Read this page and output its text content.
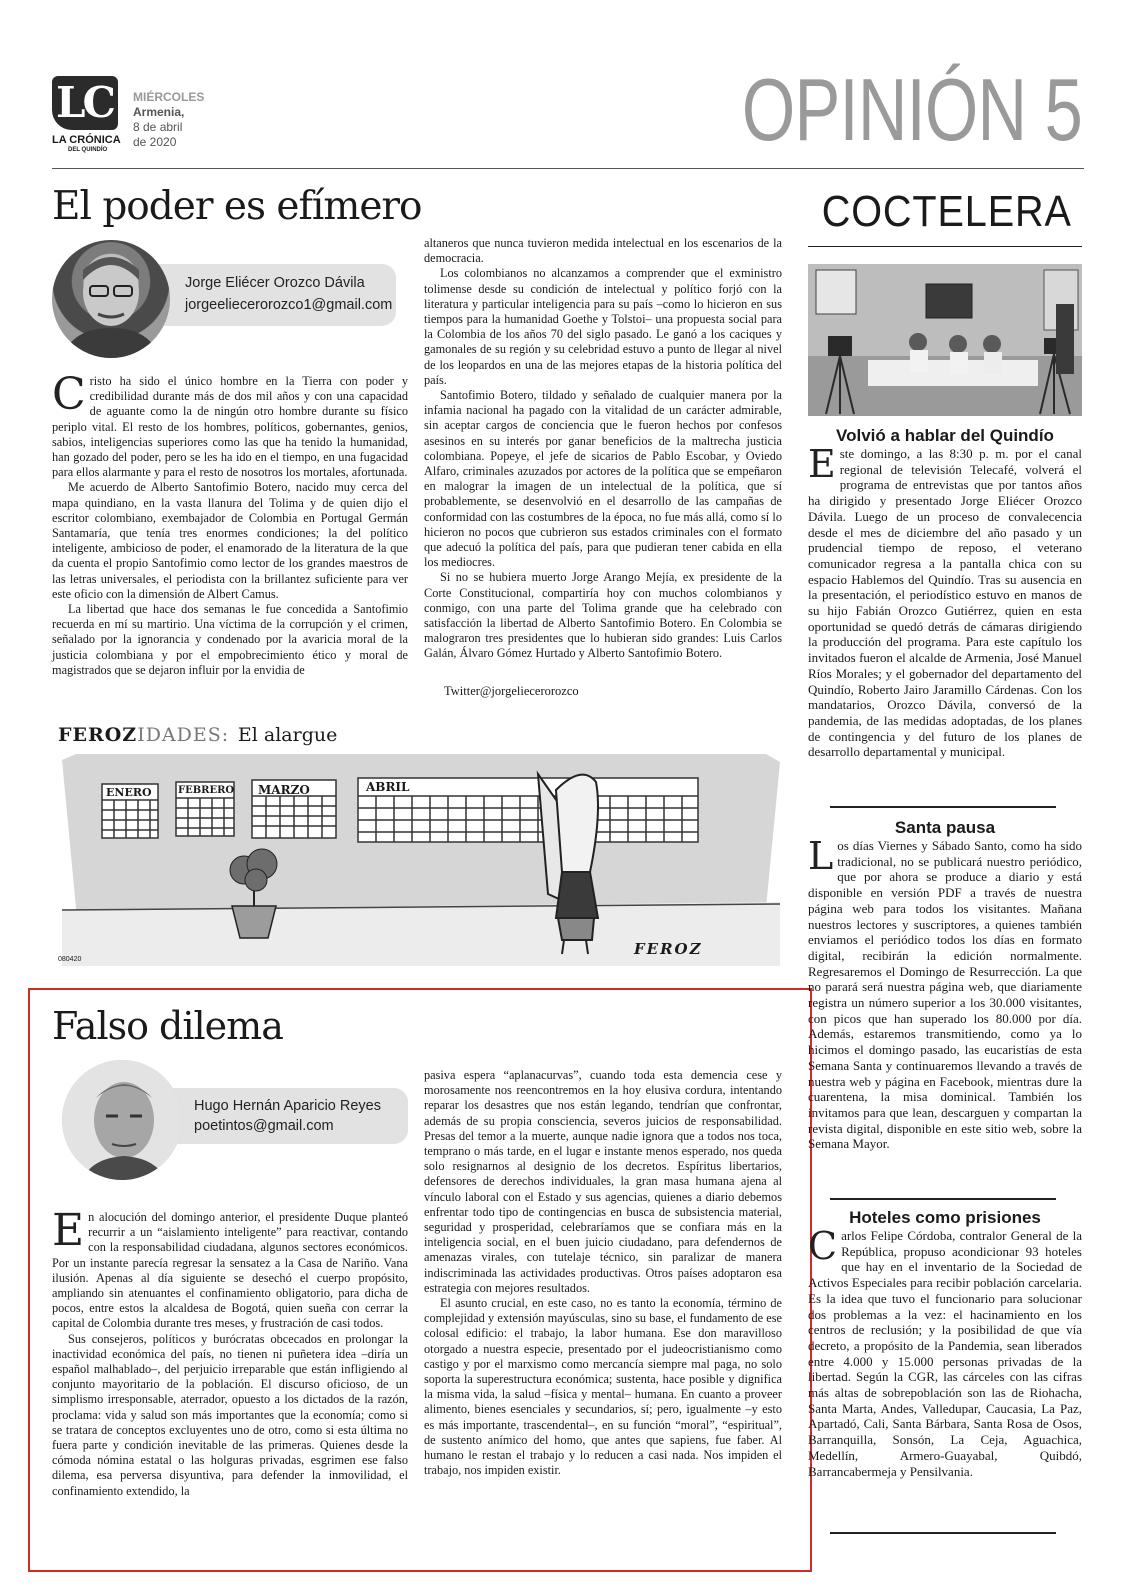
LC
LA CRÓNICA
DEL QUINDÍO
MIÉRCOLES
Armenia,
8 de abril
de 2020	OPINIÓN 5
El poder es efímero
Jorge Eliécer Orozco Dávila
jorgeeliecerorozco1@gmail.com

Cristo ha sido el único hombre en la Tierra con poder y credibilidad durante más de dos mil años y con una capacidad de aguante como la de ningún otro hombre durante su físico periplo vital. El resto de los hombres, políticos, gobernantes, genios, sabios, inteligencias superiores como las que ha tenido la humanidad, han gozado del poder, pero se les ha ido en el tiempo, en una fugacidad para ellos alarmante y para el resto de nosotros los mortales, afortunada.

Me acuerdo de Alberto Santofimio Botero, nacido muy cerca del mapa quindiano, en la vasta llanura del Tolima y de quien dijo el escritor colombiano, exembajador de Colombia en Portugal Germán Santamaría, que tenía tres enormes condiciones; la del político inteligente, ambicioso de poder, el enamorado de la literatura de la que da cuenta el propio Santofimio como lector de los grandes maestros de las letras universales, el periodista con la brillantez suficiente para ver este oficio con la dimensión de Albert Camus.

La libertad que hace dos semanas le fue concedida a Santofimio recuerda en mí su martirio. Una víctima de la corrupción y el crimen, señalado por la ignorancia y condenado por la avaricia moral de la justicia colombiana y por el empobrecimiento ético y moral de magistrados que se dejaron influir por la envidia de

altaneros que nunca tuvieron medida intelectual en los escenarios de la democracia.

Los colombianos no alcanzamos a comprender que el exministro tolimense desde su condición de intelectual y político forjó con la literatura y particular inteligencia para su país –como lo hicieron en sus tiempos para la humanidad Goethe y Tolstoi– una propuesta social para la Colombia de los años 70 del siglo pasado. Le ganó a los caciques y gamonales de su región y su celebridad estuvo a punto de llegar al nivel de los leopardos en una de las mejores etapas de la historia política del país.

Santofimio Botero, tildado y señalado de cualquier manera por la infamia nacional ha pagado con la vitalidad de un carácter admirable, sin aceptar cargos de conciencia que le fueron hechos por confesos asesinos en su interés por ganar beneficios de la maltrecha justicia colombiana. Popeye, el jefe de sicarios de Pablo Escobar, y Oviedo Alfaro, criminales azuzados por actores de la política que se empeñaron en malograr la imagen de un intelectual de la política, que sí probablemente, se desenvolvió en el desarrollo de las campañas de conformidad con las costumbres de la época, no fue más allá, como sí lo hicieron no pocos que cubrieron sus estados criminales con el formato que adecuó la política del país, para que pudieran tener cabida en ella los mediocres.

Si no se hubiera muerto Jorge Arango Mejía, ex presidente de la Corte Constitucional, compartiría hoy con muchos colombianos y conmigo, con una parte del Tolima grande que ha celebrado con satisfacción la libertad de Alberto Santofimio Botero. En Colombia se malograron tres presidentes que lo hubieran sido grandes: Luis Carlos Galán, Álvaro Gómez Hurtado y Alberto Santofimio Botero.

Twitter@jorgeliecerorozco
FEROZIDADES: El alargue
ENERO	FEBRERO MARZO	ABRIL
FEROZ
080420
Falso dilema
Hugo Hernán Aparicio Reyes
poetintos@gmail.com

En alocución del domingo anterior, el presidente Duque planteó recurrir a un “aislamiento inteligente” para reactivar, contando con la responsabilidad ciudadana, algunos sectores económicos. Por un instante parecía regresar la sensatez a la Casa de Nariño. Vana ilusión. Apenas al día siguiente se desechó el cuerpo propósito, ampliando sin atenuantes el confinamiento obligatorio, para dicha de pocos, entre estos la alcaldesa de Bogotá, quien sueña con cerrar la capital de Colombia durante tres meses, y frustración de casi todos.

Sus consejeros, políticos y burócratas obcecados en prolongar la inactividad económica del país, no tienen ni puñetera idea –diría un español malhablado–, del perjuicio irreparable que están infligiendo al conjunto mayoritario de la población. El discurso oficioso, de un simplismo irresponsable, aterrador, opuesto a los dictados de la razón, proclama: vida y salud son más importantes que la economía; como si se tratara de conceptos excluyentes uno de otro, como si esta última no fuera parte y condición inevitable de las primeras. Quienes desde la cómoda nómina estatal o las holguras privadas, esgrimen ese falso dilema, esa perversa disyuntiva, para defender la inmovilidad, el confinamiento extendido, la

pasiva espera “aplanacurvas”, cuando toda esta demencia cese y morosamente nos reencontremos en la hoy elusiva cordura, intentando reparar los desastres que nos están legando, tendrían que confrontar, además de su propia consciencia, severos juicios de responsabilidad. Presas del temor a la muerte, aunque nadie ignora que a todos nos toca, temprano o más tarde, en el lugar e instante menos esperado, nos queda solo resignarnos al designio de los decretos. Espíritus libertarios, defensores de derechos individuales, la gran masa humana ajena al vínculo laboral con el Estado y sus agencias, quienes a diario debemos enfrentar todo tipo de contingencias en busca de subsistencia material, seguridad y prosperidad, celebraríamos que se confiara más en la inteligencia social, en el buen juicio ciudadano, para defendernos de amenazas virales, con tutelaje técnico, sin paralizar de manera indiscriminada las actividades productivas. Otros países adoptaron esa estrategia con mejores resultados.

El asunto crucial, en este caso, no es tanto la economía, término de complejidad y extensión mayúsculas, sino su base, el fundamento de ese colosal edificio: el trabajo, la labor humana. Ese don maravilloso otorgado a nuestra especie, presentado por el judeocristianismo como castigo y por el marxismo como mercancía siempre mal paga, no solo soporta la superestructura económica; sustenta, hace posible y dignifica la misma vida, la salud –física y mental– humana. En cuanto a proveer alimento, bienes esenciales y secundarios, sí; pero, igualmente –y esto es más importante, trascendental–, en su función “moral”, “espiritual”, de sustento anímico del homo, que antes que sapiens, fue faber. Al humano le restan el trabajo y lo reducen a casi nada. Nos impiden el trabajo, nos impiden existir.

COCTELERA
Volvió a hablar del Quindío

Este domingo, a las 8:30 p. m. por el canal regional de televisión Telecafé, volverá el programa de entrevistas que por tantos años ha dirigido y presentado Jorge Eliécer Orozco Dávila. Luego de un proceso de convalecencia desde el mes de diciembre del año pasado y un prudencial tiempo de reposo, el veterano comunicador regresa a la pantalla chica con su espacio Hablemos del Quindío. Tras su ausencia en la presentación, el periodístico estuvo en manos de su hijo Fabián Orozco Gutiérrez, quien en esta oportunidad se quedó detrás de cámaras dirigiendo la producción del programa. Para este capítulo los invitados fueron el alcalde de Armenia, José Manuel Ríos Morales; y el gobernador del departamento del Quindío, Roberto Jairo Jaramillo Cárdenas. Con los mandatarios, Orozco Dávila, conversó de la pandemia, de las medidas adoptadas, de los planes de contingencia y del futuro de los planes de desarrollo departamental y municipal.

Santa pausa

Los días Viernes y Sábado Santo, como ha sido tradicional, no se publicará nuestro periódico, que por ahora se produce a diario y está disponible en versión PDF a través de nuestra página web para todos los visitantes. Mañana nuestros lectores y suscriptores, a quienes también enviamos el periódico todos los días en formato digital, recibirán la edición normalmente. Regresaremos el Domingo de Resurrección. La que no parará será nuestra página web, que diariamente registra un número superior a los 30.000 visitantes, con picos que han superado los 80.000 por día. Además, estaremos transmitiendo, como ya lo hicimos el domingo pasado, las eucaristías de esta Semana Santa y continuaremos llevando a través de nuestra web y página en Facebook, mientras dure la cuarentena, la misa dominical. También los invitamos para que lean, descarguen y compartan la revista digital, disponible en este sitio web, sobre la Semana Mayor.

Hoteles como prisiones

Carlos Felipe Córdoba, contralor General de la República, propuso acondicionar 93 hoteles que hay en el inventario de la Sociedad de Activos Especiales para recibir población carcelaria. Es la idea que tuvo el funcionario para solucionar dos problemas a la vez: el hacinamiento en los centros de reclusión; y la posibilidad de que vía decreto, a propósito de la Pandemia, sean liberados entre 4.000 y 15.000 personas privadas de la libertad. Según la CGR, las cárceles con las cifras más altas de sobrepoblación son las de Riohacha, Santa Marta, Andes, Valledupar, Caucasia, La Paz, Apartadó, Cali, Santa Bárbara, Santa Rosa de Osos, Barranquilla, Sonsón, La Ceja, Aguachica, Medellín, Armero-Guayabal, Quibdó, Barrancabermeja y Pensilvania.
